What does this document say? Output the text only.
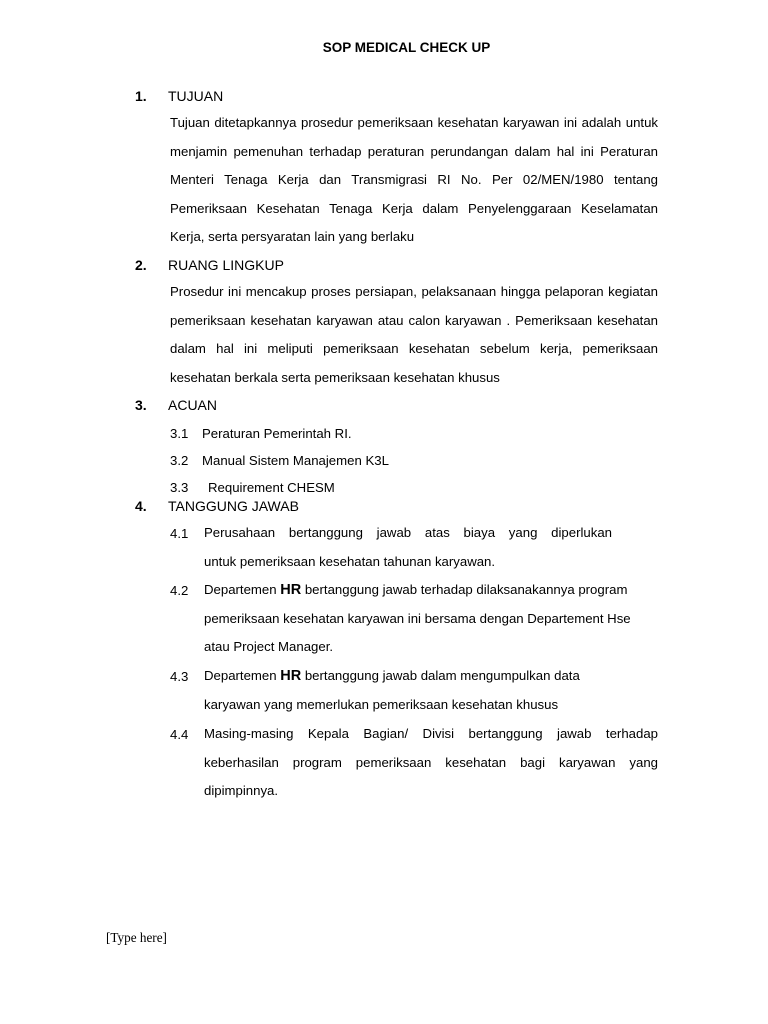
SOP MEDICAL CHECK UP
1. TUJUAN
Tujuan ditetapkannya prosedur pemeriksaan kesehatan karyawan ini adalah untuk menjamin pemenuhan terhadap peraturan perundangan dalam hal ini Peraturan Menteri Tenaga Kerja dan Transmigrasi RI No. Per 02/MEN/1980 tentang Pemeriksaan Kesehatan Tenaga Kerja dalam Penyelenggaraan Keselamatan Kerja, serta persyaratan lain yang berlaku
2. RUANG LINGKUP
Prosedur ini mencakup proses persiapan, pelaksanaan hingga pelaporan kegiatan pemeriksaan kesehatan karyawan atau calon karyawan . Pemeriksaan kesehatan dalam hal ini meliputi pemeriksaan kesehatan sebelum kerja, pemeriksaan kesehatan berkala serta pemeriksaan kesehatan khusus
3. ACUAN
3.1 Peraturan Pemerintah RI.
3.2 Manual Sistem Manajemen K3L
3.3 Requirement CHESM
4. TANGGUNG JAWAB
4.1 Perusahaan bertanggung jawab atas biaya yang diperlukan
untuk pemeriksaan kesehatan tahunan karyawan.
4.2 Departemen HR bertanggung jawab terhadap dilaksanakannya program pemeriksaan kesehatan karyawan ini bersama dengan Departement Hse atau Project Manager.
4.3 Departemen HR bertanggung jawab dalam mengumpulkan data karyawan yang memerlukan pemeriksaan kesehatan khusus
4.4 Masing-masing Kepala Bagian/ Divisi bertanggung jawab terhadap keberhasilan program pemeriksaan kesehatan bagi karyawan yang dipimpinnya.
[Type here]
